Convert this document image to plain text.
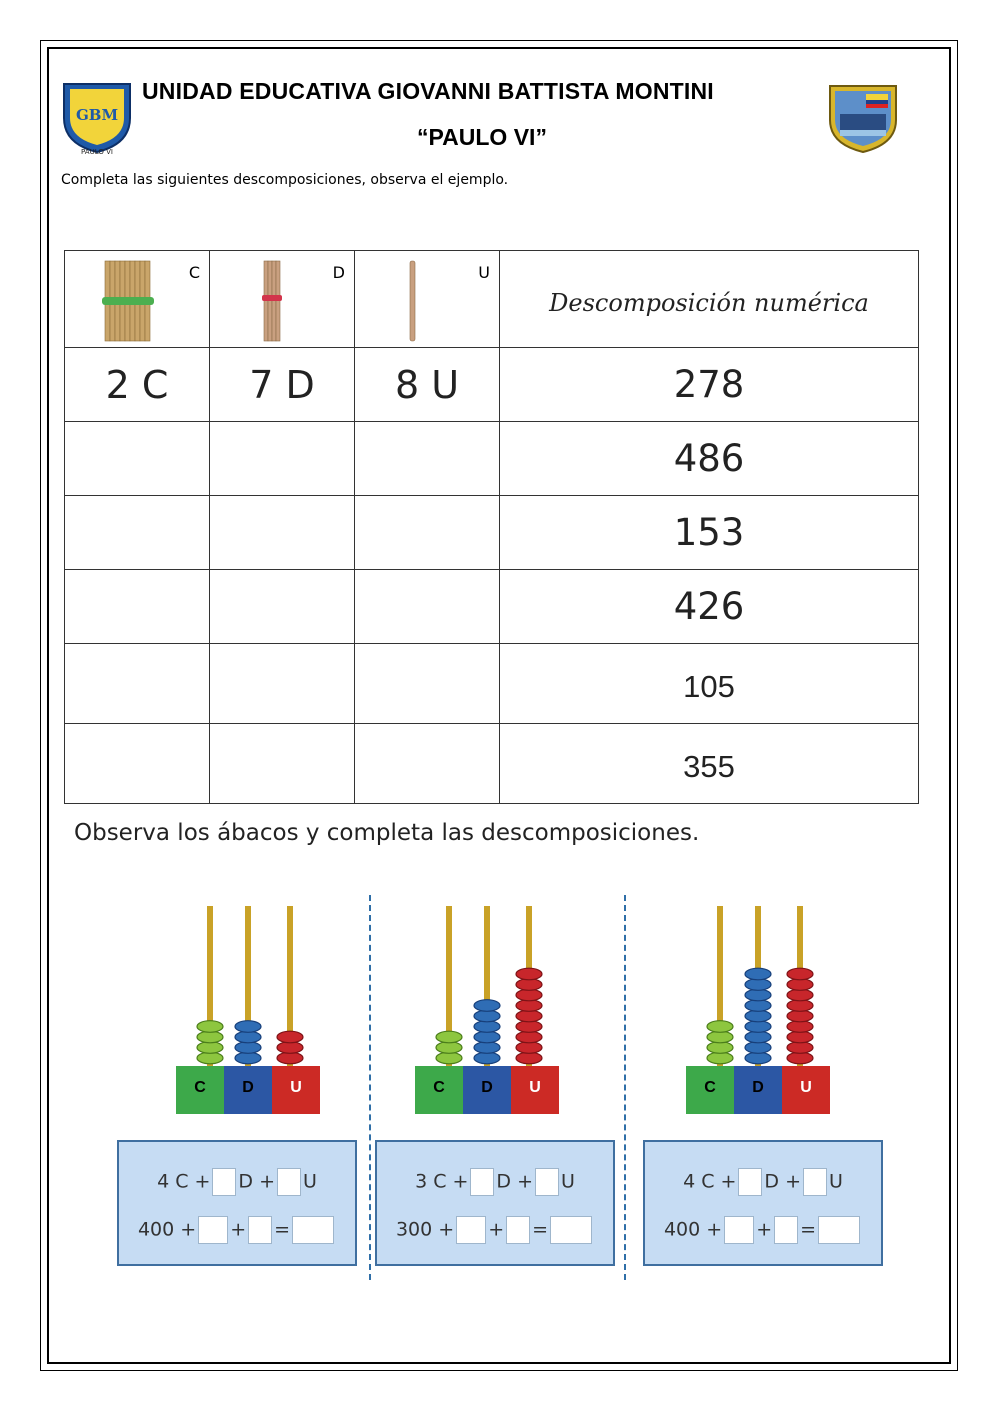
GBM
PAULO VI
UNIDAD EDUCATIVA GIOVANNI BATTISTA MONTINI
“PAULO VI”
Completa las siguientes descomposiciones, observa el ejemplo.
C	D	U	Descomposición numérica

2 C	7 D	8 U	278
			486
			153
			426
			105
			355
Observa los ábacos y completa las descomposiciones.
C D U	C D U	C D U
4 C + D + U
400 + + =
3 C + D + U
300 + + =
4 C + D + U
400 + + =
